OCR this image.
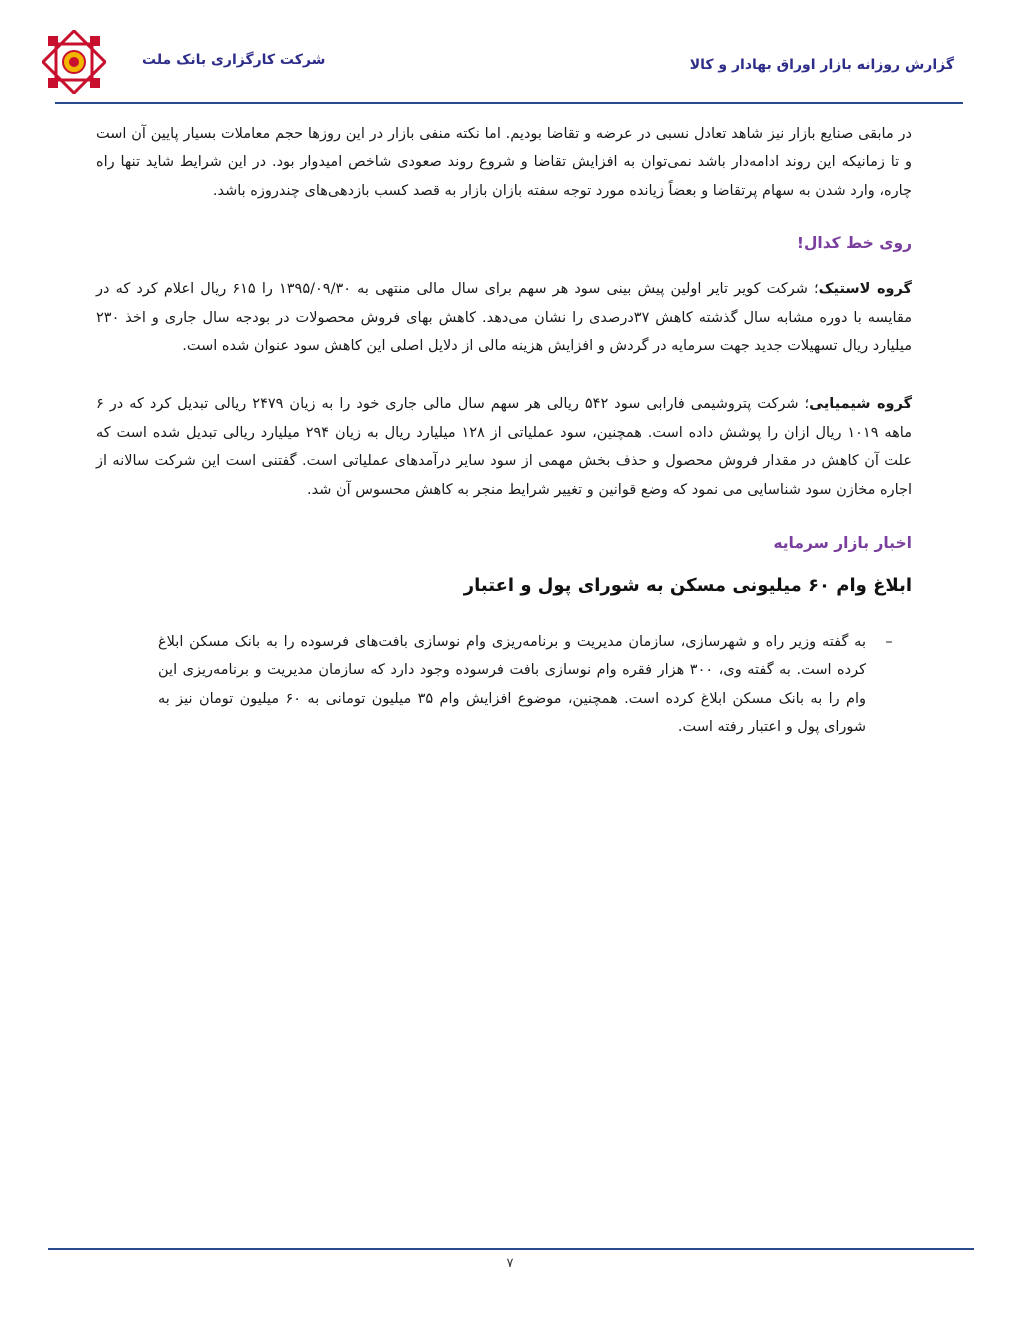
شرکت کارگزاری بانک ملت	گزارش روزانه بازار اوراق بهادار و کالا

در مابقی صنایع بازار نیز شاهد تعادل نسبی در عرضه و تقاضا بودیم. اما نکته منفی بازار در این روزها حجم معاملات بسیار پایین آن است و تا زمانیکه این روند ادامه‌دار باشد نمی‌توان به افزایش تقاضا و شروع روند صعودی شاخص امیدوار بود. در این شرایط شاید تنها راه چاره، وارد شدن به سهام پرتقاضا و بعضاً زیانده مورد توجه سفته بازان بازار به قصد کسب بازدهی‌های چندروزه باشد.

روی خط کدال!

گروه لاستیک؛ شرکت کویر تایر اولین پیش بینی سود هر سهم برای سال مالی منتهی به ۱۳۹۵/۰۹/۳۰ را ۶۱۵ ریال اعلام کرد که در مقایسه با دوره مشابه سال گذشته کاهش ۳۷درصدی را نشان می‌دهد. کاهش بهای فروش محصولات در بودجه سال جاری و اخذ ۲۳۰ میلیارد ریال تسهیلات جدید جهت سرمایه در گردش و افزایش هزینه مالی از دلایل اصلی این کاهش سود عنوان شده است.

گروه شیمیایی؛ شرکت پتروشیمی فارابی سود ۵۴۲ ریالی هر سهم سال مالی جاری خود را به زیان ۲۴۷۹ ریالی تبدیل کرد که در ۶ ماهه ۱۰۱۹ ریال ازان را پوشش داده است. همچنین، سود عملیاتی از ۱۲۸ میلیارد ریال به زیان ۲۹۴ میلیارد ریالی تبدیل شده است که علت آن کاهش در مقدار فروش محصول و حذف بخش مهمی از سود سایر درآمدهای عملیاتی است. گفتنی است این شرکت سالانه از اجاره مخازن سود شناسایی می نمود که وضع قوانین و تغییر شرایط منجر به کاهش محسوس آن شد.

اخبار بازار سرمایه
ابلاغ وام ۶۰ میلیونی مسکن به شورای پول و اعتبار
–

به گفته وزیر راه و شهرسازی، سازمان مدیریت و برنامه‌ریزی وام نوسازی بافت‌های فرسوده را به بانک مسکن ابلاغ کرده است. به گفته وی، ۳۰۰ هزار فقره وام نوسازی بافت فرسوده وجود دارد که سازمان مدیریت و برنامه‌ریزی این وام را به بانک مسکن ابلاغ کرده است. همچنین، موضوع افزایش وام ۳۵ میلیون تومانی به ۶۰ میلیون تومان نیز به شورای پول و اعتبار رفته است.

۷
